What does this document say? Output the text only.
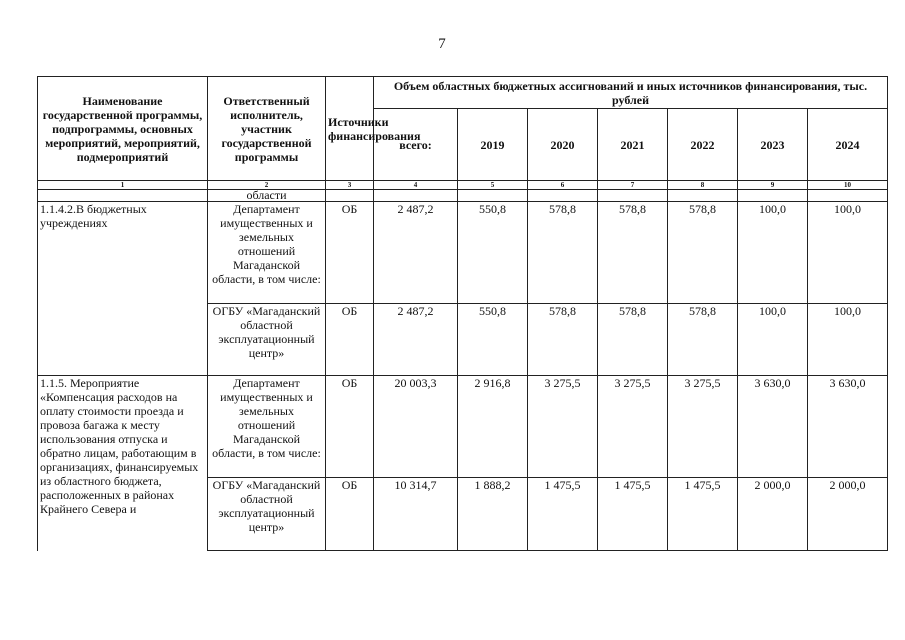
7
Наименование государственной программы, подпрограммы, основных мероприятий, мероприятий, подмероприятий	Ответственный исполнитель, участник государственной программы	Источники финансирования	Объем областных бюджетных ассигнований и иных источников финансирования, тыс. рублей						
			всего:	2019	2020	2021	2022	2023	2024
1	2	3	4	5	6	7	8	9	10
	области								
1.1.4.2.В бюджетных учреждениях	Департамент имущественных и земельных отношений Магаданской области, в том числе:	ОБ	2 487,2	550,8	578,8	578,8	578,8	100,0	100,0
	ОГБУ «Магаданский областной эксплуатационный центр»	ОБ	2 487,2	550,8	578,8	578,8	578,8	100,0	100,0
1.1.5. Мероприятие «Компенсация расходов на оплату стоимости проезда и провоза багажа к месту использования отпуска и обратно лицам, работающим в организациях, финансируемых из областного бюджета, расположенных в районах Крайнего Севера и	Департамент имущественных и земельных отношений Магаданской области, в том числе:	ОБ	20 003,3	2 916,8	3 275,5	3 275,5	3 275,5	3 630,0	3 630,0
	ОГБУ «Магаданский областной эксплуатационный центр»	ОБ	10 314,7	1 888,2	1 475,5	1 475,5	1 475,5	2 000,0	2 000,0
